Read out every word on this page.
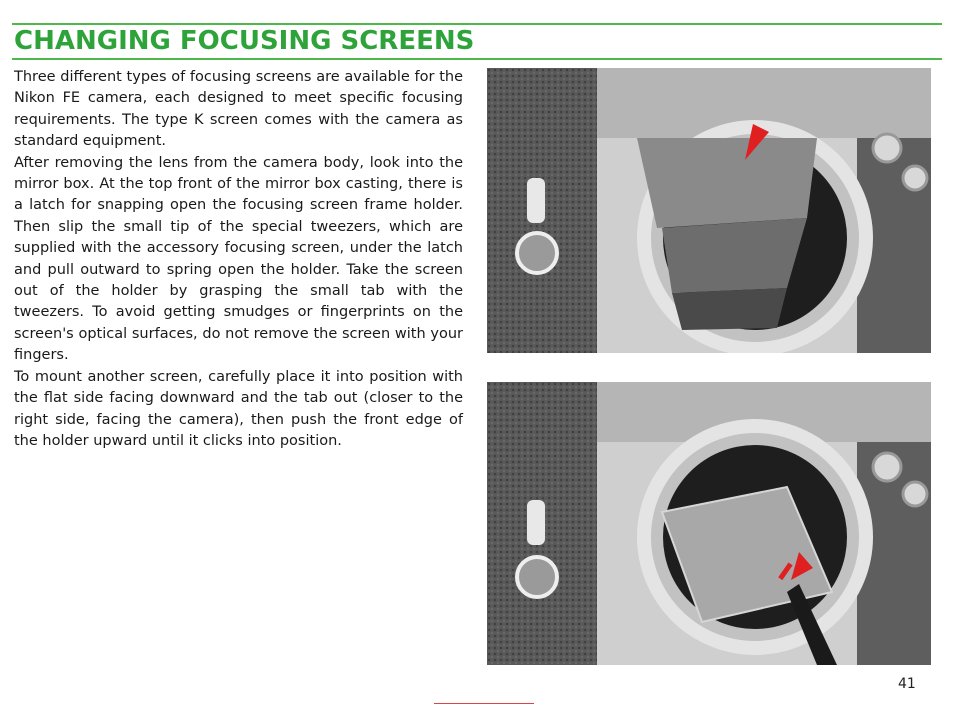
CHANGING FOCUSING SCREENS

Three different types of focusing screens are available for the Nikon FE camera, each designed to meet specific focusing requirements. The type K screen comes with the camera as standard equipment.

After removing the lens from the camera body, look into the mirror box. At the top front of the mirror box casting, there is a latch for snapping open the focusing screen frame holder. Then slip the small tip of the special tweezers, which are supplied with the accessory focusing screen, under the latch and pull outward to spring open the holder. Take the screen out of the holder by grasping the small tab with the tweezers. To avoid getting smudges or fingerprints on the screen's optical surfaces, do not remove the screen with your fingers.

To mount another screen, carefully place it into position with the flat side facing downward and the tab out (closer to the right side, facing the camera), then push the front edge of the holder upward until it clicks into position.

41
